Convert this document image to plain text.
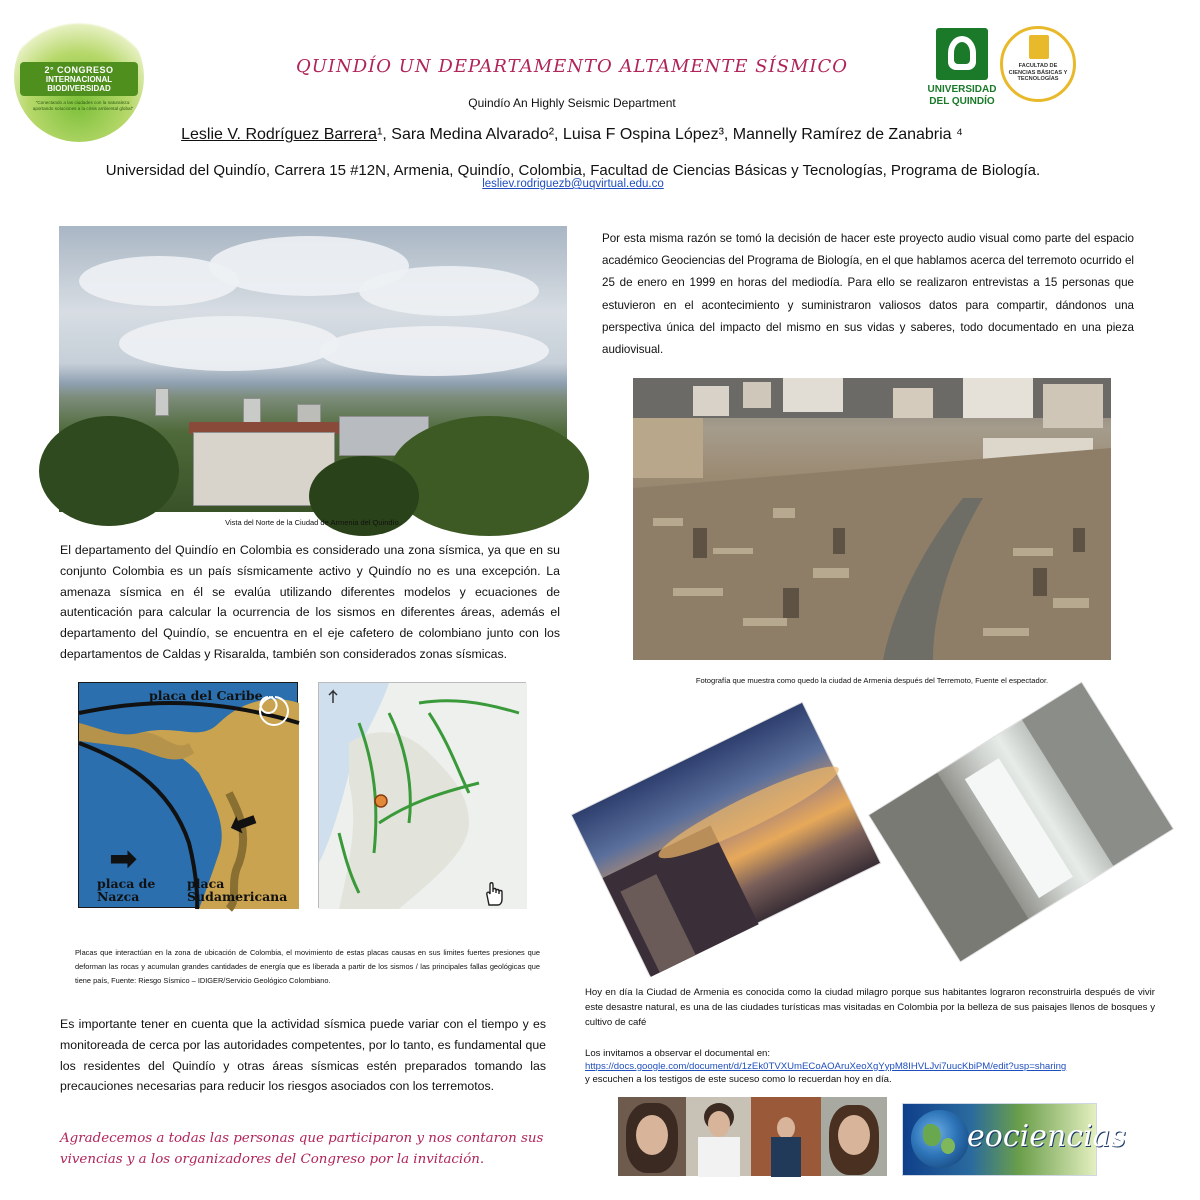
2° CONGRESO
INTERNACIONAL
BIODIVERSIDAD
"Conectando a las ciudades con la naturaleza: aportando soluciones a la crisis ambiental global"
QUINDÍO UN DEPARTAMENTO ALTAMENTE SÍSMICO
Quindío An Highly Seismic Department
Leslie V. Rodríguez Barrera¹, Sara Medina Alvarado², Luisa F Ospina López³, Mannelly Ramírez de Zanabria ⁴
Universidad del Quindío, Carrera 15 #12N, Armenia, Quindío, Colombia, Facultad de Ciencias Básicas y Tecnologías, Programa de Biología.
lesliev.rodriguezb@uqvirtual.edu.co
UNIVERSIDAD
DEL QUINDÍO
FACULTAD DE CIENCIAS BÁSICAS Y TECNOLOGÍAS
Vista del Norte de la Ciudad de Armenia del Quindío.
El departamento del Quindío en Colombia es considerado una zona sísmica, ya que en su conjunto Colombia es un país sísmicamente activo y Quindío no es una excepción. La amenaza sísmica en él se evalúa utilizando diferentes modelos y ecuaciones de autenticación para calcular la ocurrencia de los sismos en diferentes áreas, además el departamento del Quindío, se encuentra en el eje cafetero de colombiano junto con los departamentos de Caldas y Risaralda, también son considerados zonas sísmicas.
placa del Caribe
placa de Nazca
placa Sudamericana
➡
⬅
Placas que interactúan en la zona de ubicación de Colombia, el movimiento de estas placas causas en sus limites fuertes presiones que deforman las rocas y acumulan grandes cantidades de energía que es liberada a partir de los sismos / las principales fallas geológicas que tiene país, Fuente: Riesgo Sísmico – IDIGER/Servicio Geológico Colombiano.
Es importante tener en cuenta que la actividad sísmica puede variar con el tiempo y es monitoreada de cerca por las autoridades competentes, por lo tanto, es fundamental que los residentes del Quindío y otras áreas sísmicas estén preparados tomando las precauciones necesarias para reducir los riesgos asociados con los terremotos.
Agradecemos a todas las personas que participaron y nos contaron sus vivencias y a los organizadores del Congreso por la invitación.
Por esta misma razón se tomó la decisión de hacer este proyecto audio visual como parte del espacio académico Geociencias del Programa de Biología, en el que hablamos acerca del terremoto ocurrido el 25 de enero en 1999 en horas del mediodía. Para ello se realizaron entrevistas a 15 personas que estuvieron en el acontecimiento y suministraron valiosos datos para compartir, dándonos una perspectiva única del impacto del mismo en sus vidas y saberes, todo documentado en una pieza audiovisual.
Fotografía que muestra como quedo la ciudad de Armenia después del Terremoto, Fuente el espectador.
Hoy en día la Ciudad de Armenia es conocida como la ciudad milagro porque sus habitantes lograron reconstruirla después de vivir este desastre natural, es una de las ciudades turísticas mas visitadas en Colombia por la belleza de sus paisajes llenos de bosques y cultivo de café
Los invitamos a observar el documental en:
https://docs.google.com/document/d/1zEk0TVXUmECoAOAruXeoXgYypM8IHVLJvi7uucKbiPM/edit?usp=sharing
y escuchen a los testigos de este suceso como lo recuerdan hoy en día.
eociencias
